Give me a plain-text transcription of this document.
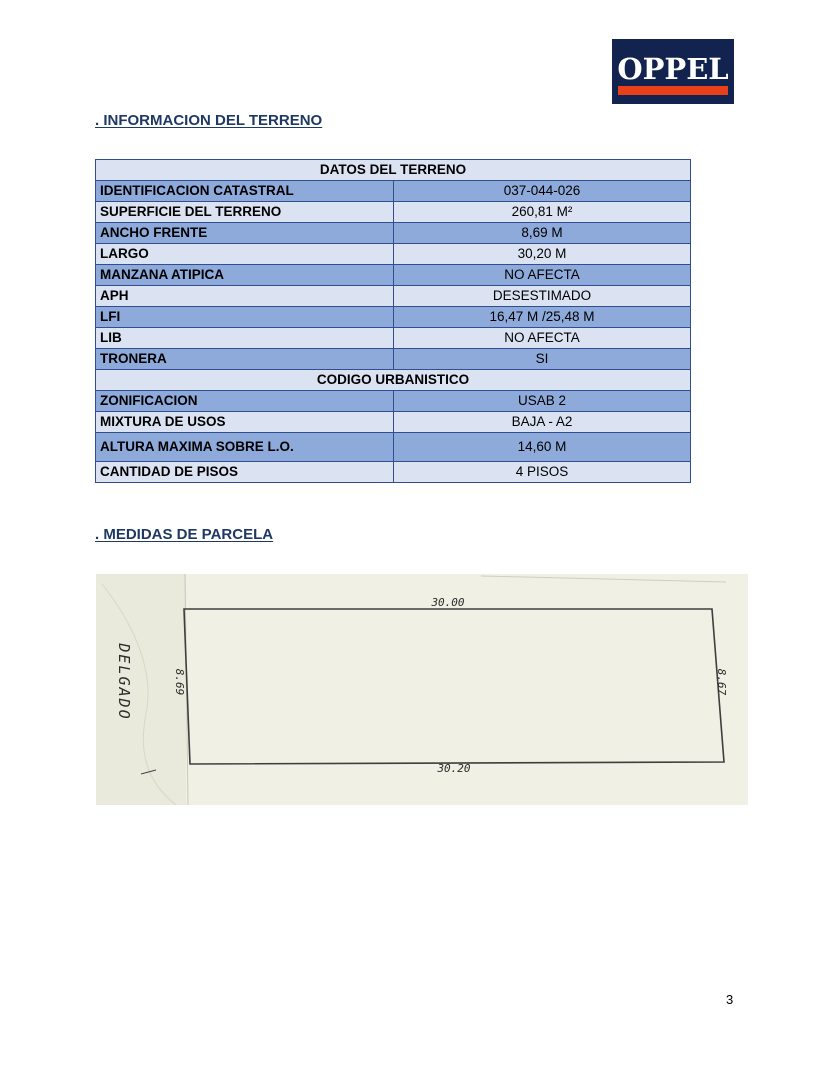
OPPEL
. INFORMACION DEL TERRENO
DATOS DEL TERRENO	
IDENTIFICACION CATASTRAL	037-044-026
SUPERFICIE DEL TERRENO	260,81 M²
ANCHO FRENTE	8,69 M
LARGO	30,20 M
MANZANA ATIPICA	NO AFECTA
APH	DESESTIMADO
LFI	16,47 M /25,48 M
LIB	NO AFECTA
TRONERA	SI
CODIGO URBANISTICO	
ZONIFICACION	USAB 2
MIXTURA DE USOS	BAJA - A2
ALTURA MAXIMA SOBRE L.O.	14,60 M
CANTIDAD DE PISOS	4 PISOS
. MEDIDAS DE PARCELA
30.00
30.20
8.69	8.67
DELGADO
3
